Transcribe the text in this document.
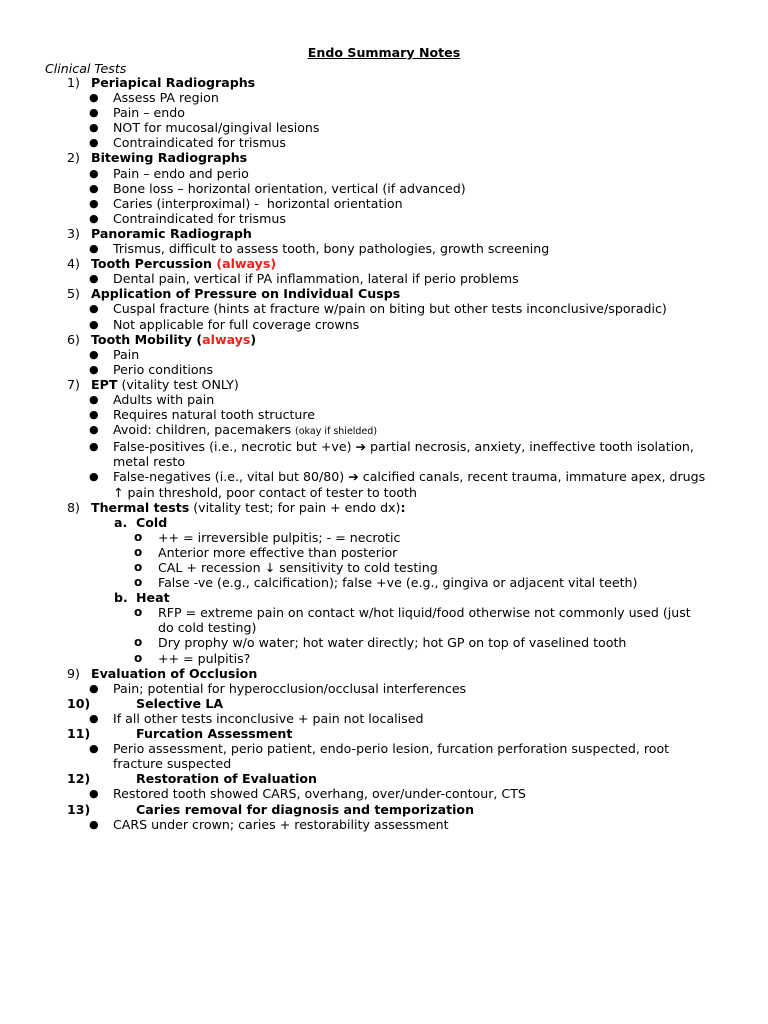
Endo Summary Notes
Clinical Tests
1) Periapical Radiographs

● Assess PA region
● Pain – endo
● NOT for mucosal/gingival lesions
● Contraindicated for trismus
2) Bitewing Radiographs

● Pain – endo and perio
● Bone loss – horizontal orientation, vertical (if advanced)
● Caries (interproximal) -  horizontal orientation
● Contraindicated for trismus
3) Panoramic Radiograph

● Trismus, difficult to assess tooth, bony pathologies, growth screening
4) Tooth Percussion (always)

● Dental pain, vertical if PA inflammation, lateral if perio problems
5) Application of Pressure on Individual Cusps

● Cuspal fracture (hints at fracture w/pain on biting but other tests inconclusive/sporadic)
● Not applicable for full coverage crowns
6) Tooth Mobility (always)

● Pain
● Perio conditions
7) EPT (vitality test ONLY)

● Adults with pain
● Requires natural tooth structure
● Avoid: children, pacemakers (okay if shielded)
● False-positives (i.e., necrotic but +ve) ➔ partial necrosis, anxiety, ineffective tooth isolation, metal resto
● False-negatives (i.e., vital but 80/80) ➔ calcified canals, recent trauma, immature apex, drugs ↑ pain threshold, poor contact of tester to tooth
8) Thermal tests (vitality test; for pain + endo dx):

a. Cold

o ++ = irreversible pulpitis; - = necrotic
o Anterior more effective than posterior
o CAL + recession ↓ sensitivity to cold testing
o False -ve (e.g., calcification); false +ve (e.g., gingiva or adjacent vital teeth)
b. Heat

o RFP = extreme pain on contact w/hot liquid/food otherwise not commonly used (just do cold testing)
o Dry prophy w/o water; hot water directly; hot GP on top of vaselined tooth
o ++ = pulpitis?
9) Evaluation of Occlusion

● Pain; potential for hyperocclusion/occlusal interferences
10)	Selective LA

● If all other tests inconclusive + pain not localised
11)	Furcation Assessment

● Perio assessment, perio patient, endo-perio lesion, furcation perforation suspected, root fracture suspected
12)	Restoration of Evaluation

● Restored tooth showed CARS, overhang, over/under-contour, CTS
13)	Caries removal for diagnosis and temporization

● CARS under crown; caries + restorability assessment
